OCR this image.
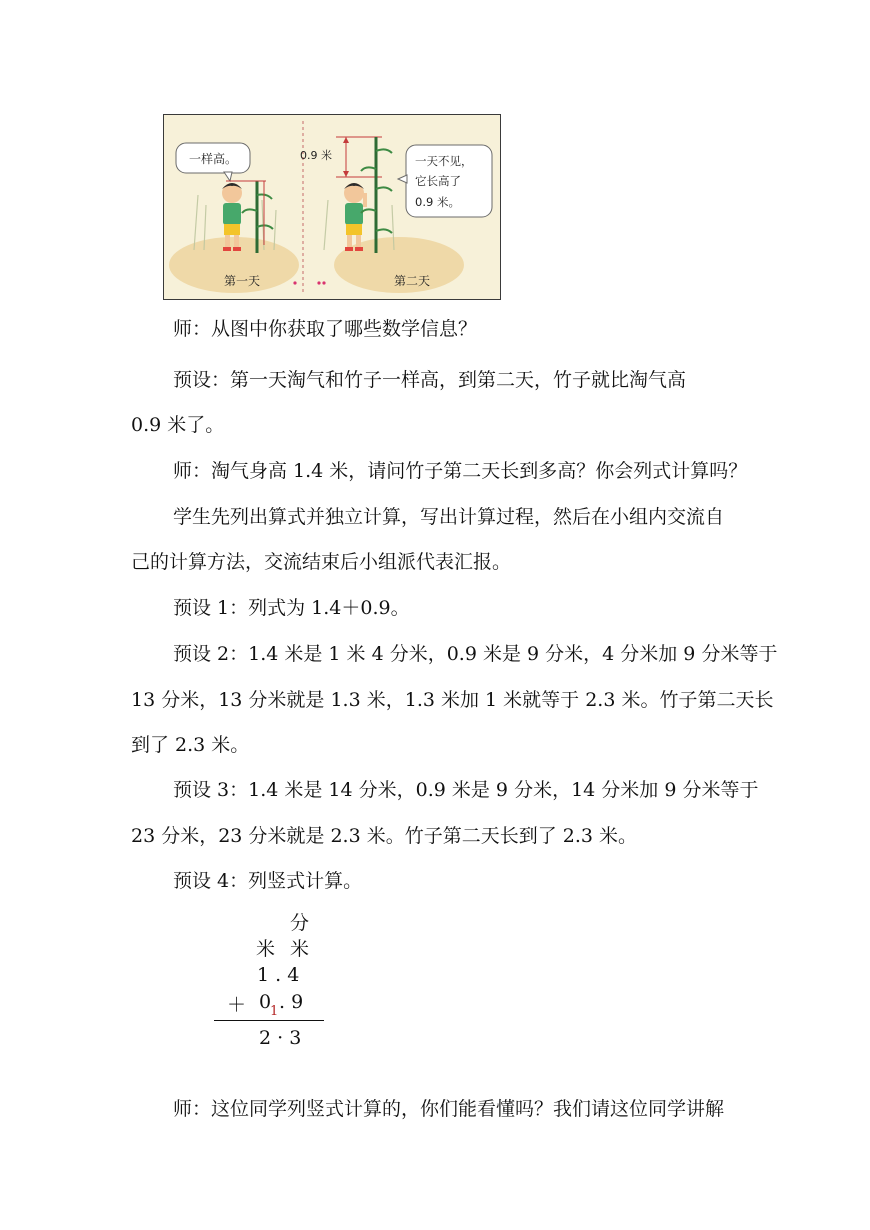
一样高。
第一天
0.9 米	一天不见，
它长高了
0.9 米。
第二天
师：从图中你获取了哪些数学信息？
预设：第一天淘气和竹子一样高，到第二天，竹子就比淘气高
0.9 米了。
师：淘气身高 1.4 米，请问竹子第二天长到多高？你会列式计算吗？
学生先列出算式并独立计算，写出计算过程，然后在小组内交流自
己的计算方法，交流结束后小组派代表汇报。
预设 1：列式为 1.4＋0.9。
预设 2：1.4 米是 1 米 4 分米，0.9 米是 9 分米，4 分米加 9 分米等于
13 分米，13 分米就是 1.3 米，1.3 米加 1 米就等于 2.3 米。竹子第二天长
到了 2.3 米。
预设 3：1.4 米是 14 分米，0.9 米是 9 分米，14 分米加 9 分米等于
23 分米，23 分米就是 2.3 米。竹子第二天长到了 2.3 米。
预设 4：列竖式计算。
分
米 米
1 . 4
＋ 0
1 . 9
2 · 3
师：这位同学列竖式计算的，你们能看懂吗？我们请这位同学讲解
